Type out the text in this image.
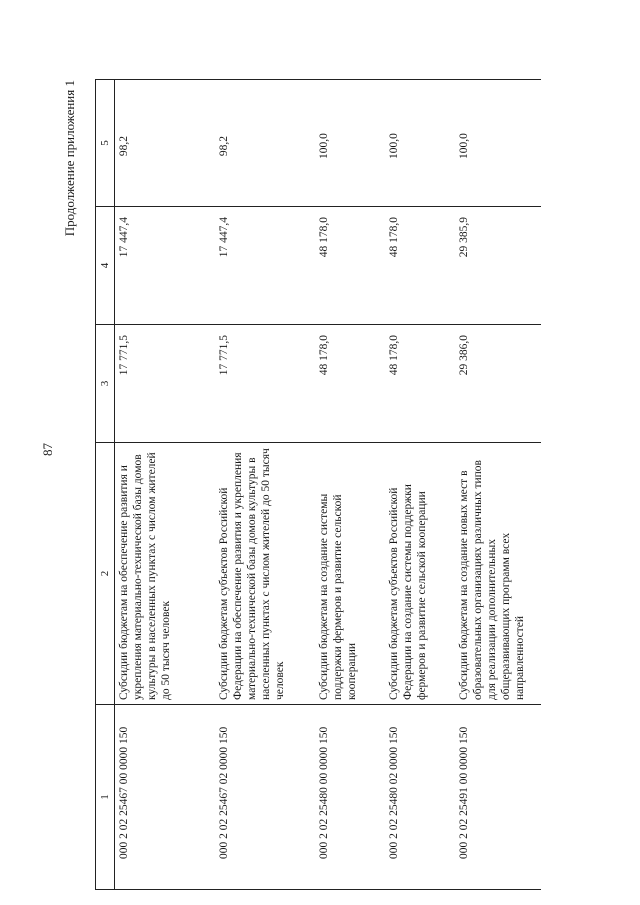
87
Продолжение приложения 1
1	2	3	4	5
000 2 02 25467 00 0000 150	Субсидии бюджетам на обеспечение развития и укрепления материально-технической базы домов культуры в населенных пунктах с числом жителей до 50 тысяч человек	17 771,5	17 447,4	98,2
000 2 02 25467 02 0000 150	Субсидии бюджетам субъектов Российской Федерации на обеспечение развития и укрепления материально-технической базы домов культуры в населенных пунктах с числом жителей до 50 тысяч человек	17 771,5	17 447,4	98,2
000 2 02 25480 00 0000 150	Субсидии бюджетам на создание системы поддержки фермеров и развитие сельской кооперации	48 178,0	48 178,0	100,0
000 2 02 25480 02 0000 150	Субсидии бюджетам субъектов Российской Федерации на создание системы поддержки фермеров и развитие сельской кооперации	48 178,0	48 178,0	100,0
000 2 02 25491 00 0000 150	Субсидии бюджетам на создание новых мест в образовательных организациях различных типов для реализации дополнительных общеразвивающих программ всех направленностей	29 386,0	29 385,9	100,0
